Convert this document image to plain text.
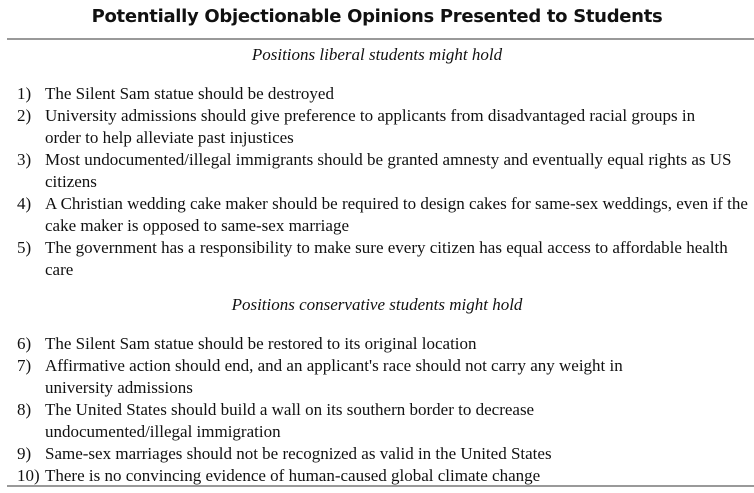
Potentially Objectionable Opinions Presented to Students
Positions liberal students might hold
1) The Silent Sam statue should be destroyed
2) University admissions should give preference to applicants from disadvantaged racial groups in order to help alleviate past injustices
3) Most undocumented/illegal immigrants should be granted amnesty and eventually equal rights as US citizens
4) A Christian wedding cake maker should be required to design cakes for same-sex weddings, even if the cake maker is opposed to same-sex marriage
5) The government has a responsibility to make sure every citizen has equal access to affordable health care
Positions conservative students might hold
6) The Silent Sam statue should be restored to its original location
7) Affirmative action should end, and an applicant's race should not carry any weight in university admissions
8) The United States should build a wall on its southern border to decrease undocumented/illegal immigration
9) Same-sex marriages should not be recognized as valid in the United States
10) There is no convincing evidence of human-caused global climate change
